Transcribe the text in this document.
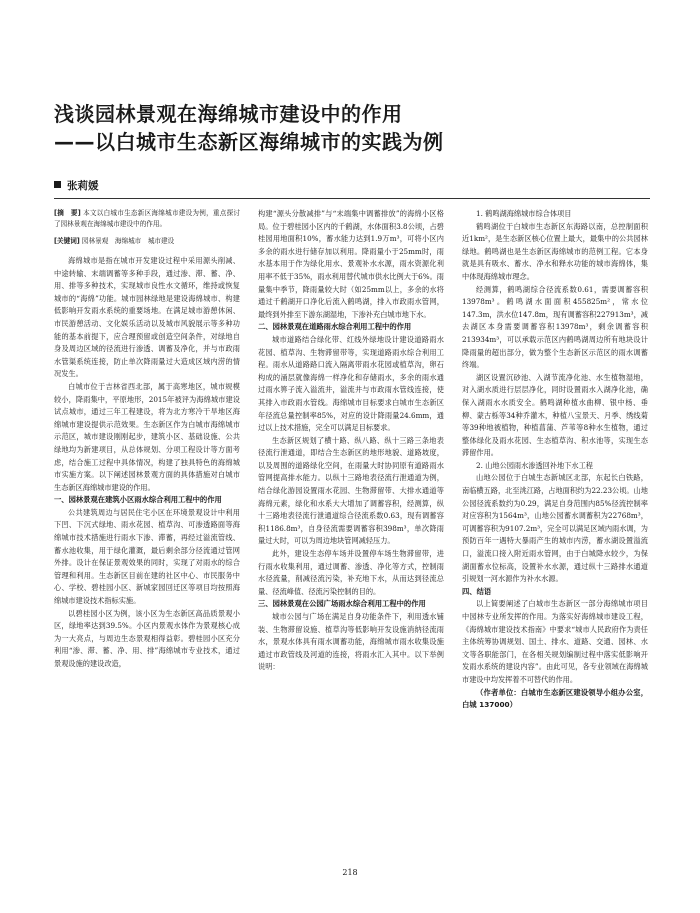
浅谈园林景观在海绵城市建设中的作用
——以白城市生态新区海绵城市的实践为例
张莉媛

[摘　要] 本文以白城市生态新区海绵城市建设为例，重点探讨了园林景观在海绵城市建设中的作用。

[关键词] 园林景观　海绵城市　城市建设

海绵城市是指在城市开发建设过程中采用源头削减、中途转输、末端调蓄等多种手段，通过渗、滞、蓄、净、用、排等多种技术，实现城市良性水文循环，维持或恢复城市的“海绵”功能。城市园林绿地是建设海绵城市、构建低影响开发雨水系统的重要场地。在满足城市游憩休闲、市民游憩活动、文化娱乐活动以及城市风貌展示等多种功能的基本前提下，应合理预留或创造空间条件，对绿地自身及周边区域的径流进行渗透、调蓄及净化，并与市政雨水管渠系统连接，防止单次降雨量过大造成区域内涝的情况发生。

白城市位于吉林省西北部，属于高寒地区，城市规模较小，降雨集中，平原地形，2015年被评为海绵城市建设试点城市，通过三年工程建设，将为北方寒冷干旱地区海绵城市建设提供示范效果。生态新区作为白城市海绵城市示范区，城市建设刚刚起步，建筑小区、基础设施、公共绿地均为新建项目，从总体规划、分项工程设计等方面考虑，结合施工过程中具体情况，构建了独具特色的海绵城市实施方案。以下阐述园林景观方面的具体措施对白城市生态新区海绵城市建设的作用。

一、园林景观在建筑小区雨水综合利用工程中的作用

公共建筑周边与居民住宅小区在环境景观设计中利用下凹、下沉式绿地、雨水花园、植草沟、可渗透路面等海绵城市技术措施进行雨水下渗、滞蓄，再经过溢流管线、蓄水池收集，用于绿化灌溉，最后剩余部分径流通过管网外排。设计在保证景观效果的同时，实现了对雨水的综合管理和利用。生态新区目前在建的社区中心、市民服务中心、学校、碧桂园小区、新城家园回迁区等项目均按照海绵城市建设技术指标实施。

以碧桂园小区为例，该小区为生态新区高品质景观小区，绿地率达到39.5%。小区内景观水体作为景观核心成为一大亮点，与周边生态景观相得益彰。碧桂园小区充分利用“渗、滞、蓄、净、用、排”海绵城市专业技术，通过景观设施的建设改造，

构建“源头分散减排”与“末端集中调蓄排放”的海绵小区格局。位于碧桂园小区内的千鹤湖，水体面积3.8公顷，占碧桂园用地面积10%，蓄水能力达到1.9万m³，可将小区内多余的雨水进行储存加以利用。降雨量小于25mm时，雨水基本用于作为绿化用水、景观补水水源，雨水资源化利用率不低于35%，雨水利用替代城市供水比例大于6%。雨量集中季节，降雨量较大时（如25mm以上，多余的水将通过千鹤湖开口净化后流入鹤鸣湖，排入市政雨水管网，最终到外排至下游东湖湿地，下渗补充白城市地下水。

二、园林景观在道路雨水综合利用工程中的作用

城市道路结合绿化带、红线外绿地设计建设道路雨水花园、植草沟、生物滞留带等，实现道路雨水综合利用工程。雨水从道路路口流入隔离带雨水花园或植草沟，卵石构成的涌层就像海绵一样净化和存储雨水，多余的雨水通过雨水箅子流入溢流井，溢流井与市政雨水管线连接，使其排入市政雨水管线。海绵城市目标要求白城市生态新区年径流总量控制率85%，对应的设计降雨量24.6mm，通过以上技术措施，完全可以满足目标要求。

生态新区规划了横十路、纵八路、纵十三路三条地表径流行泄通道，即结合生态新区的地形地貌、道路坡度，以及周围的道路绿化空间，在雨量大时协同原有道路雨水管网提高排水能力。以纵十三路地表径流行泄通道为例，结合绿化游园设置雨水花园、生物滞留带、大排水通道等海绵元素，绿化和水系大大增加了调蓄容积，经测算，纵十三路地表径流行泄通道综合径流系数0.63，现有调蓄容积1186.8m³，自身径流需要调蓄容积398m³，单次降雨量过大时，可以为周边地块管网减轻压力。

此外，建设生态停车场并设置停车场生物滞留带，进行雨水收集利用，通过调蓄、渗透、净化等方式，控制雨水径流量，削减径流污染，补充地下水，从而达到径流总量、径流峰值、径流污染控制的目的。

三、园林景观在公园广场雨水综合利用工程中的作用

城市公园与广场在满足自身功能条件下，利用透水铺装、生物滞留设施、植草沟等低影响开发设施消纳径流雨水，景观水体具有雨水调蓄功能，海绵城市雨水收集设施通过市政管线及河道的连接，将雨水汇入其中。以下举例说明：

1. 鹤鸣湖海绵城市综合体项目

鹤鸣湖位于白城市生态新区东海路以南，总控制面积近1km²，是生态新区核心位置上最大，最集中的公共园林绿地。鹤鸣湖也是生态新区海绵城市的范例工程。它本身就是具有吸水、蓄水、净水和释水功能的城市海绵体，集中体现海绵城市理念。

经测算，鹤鸣湖综合径流系数0.61，需要调蓄容积13978m³。鹤鸣湖水面面积455825m²，常水位147.3m，洪水位147.8m，现有调蓄容积227913m³，减去湖区本身需要调蓄容积13978m³，剩余调蓄容积213934m³，可以承载示范区内鹤鸣湖周边所有地块设计降雨量的超出部分，做为整个生态新区示范区的雨水调蓄终端。

湖区设置沉砂池、入湖节流净化池、水生植物湿地，对入湖水质进行层层净化，同时设置雨水入湖净化池，确保入湖雨水水质安全。鹤鸣湖种植水曲柳、银中杨、垂柳、蒙古栎等34种乔灌木，种植八宝景天、月季、绣线菊等39种地被植物，种植菖蒲、芦苇等8种水生植物，通过整体绿化及雨水花园、生态植草沟、积水池等，实现生态滞留作用。

2. 山地公园雨水渗透回补地下水工程

山地公园位于白城生态新城区北部，东起长白铁路，南临横五路，北至洮江路，占地面积约为22.23公顷。山地公园径流系数约为0.29，满足自身范围内85%径流控制率对应容积为1564m³，山地公园蓄水调蓄积为22768m³，可调蓄容积为9107.2m³，完全可以满足区域内雨水调，为预防百年一遇特大暴雨产生的城市内涝，蓄水湖设置溢流口，溢流口接入附近雨水管网，由于白城降水较少，为保湖面蓄水位标高，设置补水水源，通过纵十三路排水通道引规划一河水源作为补水水源。

四、结语

以上简要阐述了白城市生态新区一部分海绵城市项目中园林专业所发挥的作用。为落实好海绵城市建设工程，《海绵城市建设技术指南》中要求“城市人民政府作为责任主体统筹协调规划、国土、排水、道路、交通、园林、水文等各职能部门，在各相关规划编制过程中落实低影响开发雨水系统的建设内容”。由此可见，各专业领域在海绵城市建设中均发挥着不可替代的作用。

（作者单位：白城市生态新区建设领导小组办公室，白城 137000）

218
